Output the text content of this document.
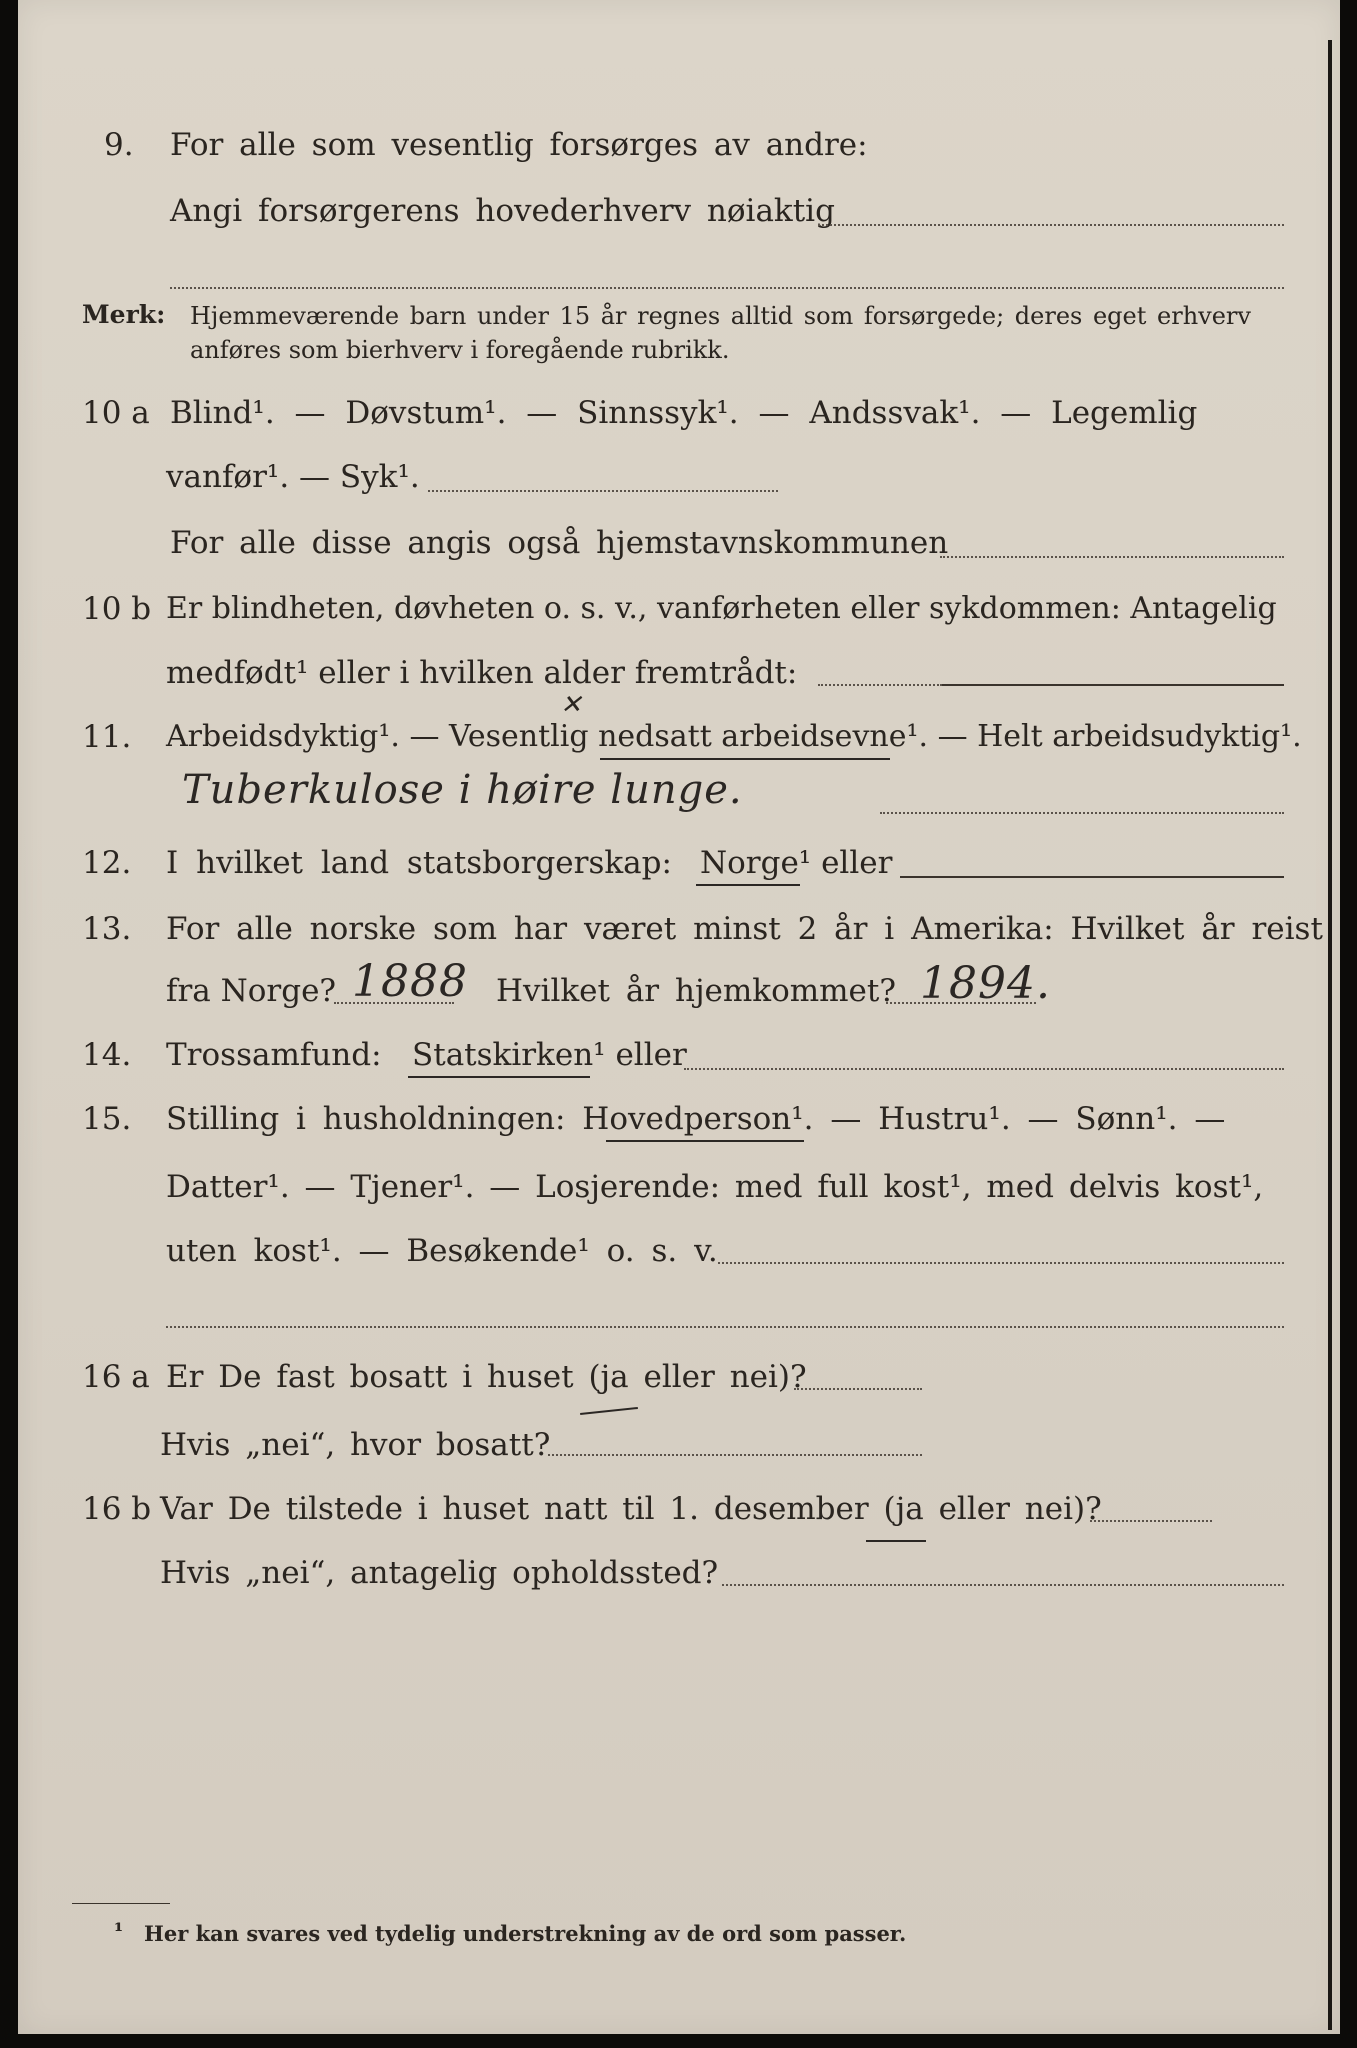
9. For alle som vesentlig forsørges av andre:
Angi forsørgerens hovederhverv nøiaktig
Merk: Hjemmeværende barn under 15 år regnes alltid som forsørgede; deres eget erhverv
anføres som bierhverv i foregående rubrikk.
10 a Blind¹. — Døvstum¹. — Sinnssyk¹. — Andssvak¹. — Legemlig
vanfør¹. — Syk¹.
For alle disse angis også hjemstavnskommunen
10 b Er blindheten, døvheten o. s. v., vanførheten eller sykdommen: Antagelig
medfødt¹ eller i hvilken alder fremtrådt:
11. Arbeidsdyktig¹. — Vesentlig nedsatt arbeidsevne¹. — Helt arbeidsudyktig¹.
✕
Tuberkulose i høire lunge.
12. I hvilket land statsborgerskap: Norge¹ eller
13. For alle norske som har været minst 2 år i Amerika: Hvilket år reist
fra Norge? 1888 Hvilket år hjemkommet? 1894.
14. Trossamfund: Statskirken¹ eller
15. Stilling i husholdningen: Hovedperson¹. — Hustru¹. — Sønn¹. —
Datter¹. — Tjener¹. — Losjerende: med full kost¹, med delvis kost¹,
uten kost¹. — Besøkende¹ o. s. v.
16 a Er De fast bosatt i huset (ja eller nei)?
Hvis „nei“, hvor bosatt?
16 b Var De tilstede i huset natt til 1. desember (ja eller nei)?
Hvis „nei“, antagelig opholdssted?
¹ Her kan svares ved tydelig understrekning av de ord som passer.
